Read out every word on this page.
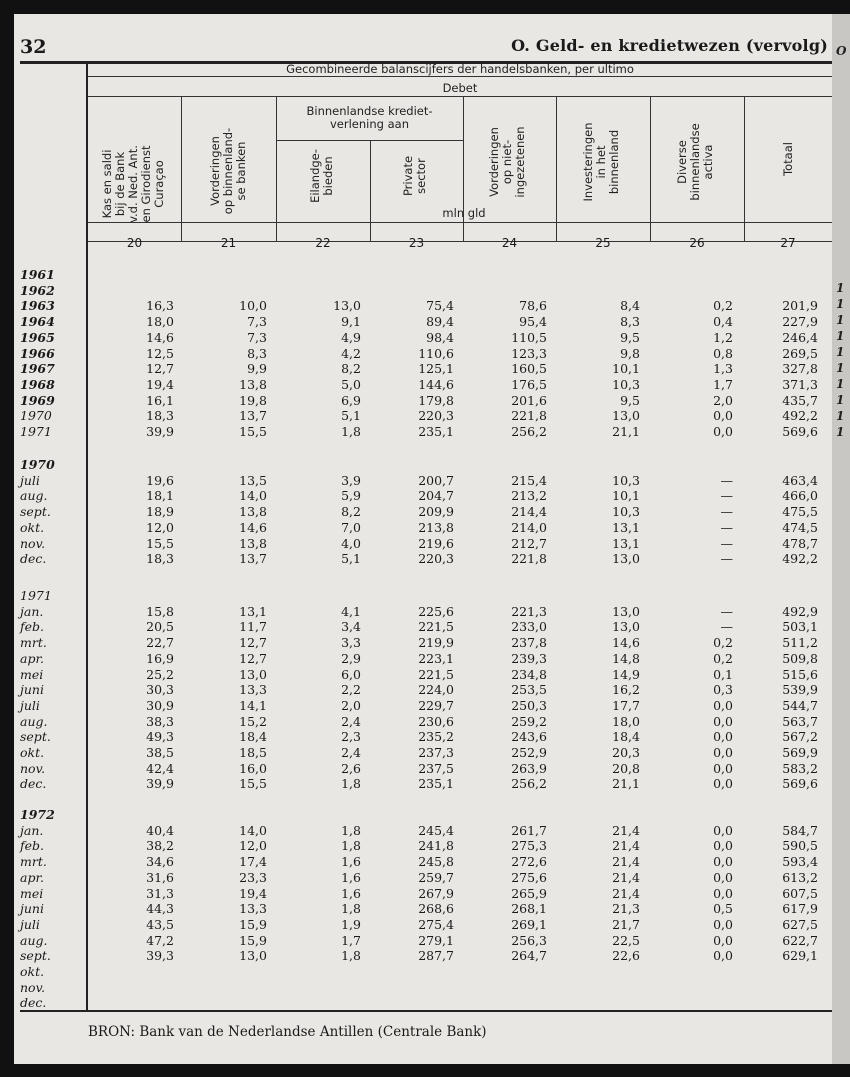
32	O. Geld- en kredietwezen (vervolg)
Gecombineerde balanscijfers der handelsbanken, per ultimo
Debet
Binnenlandse krediet-
verlening aan
mln gld
Kas en saldi
bij de Bank
v.d. Ned. Ant.
en Girodienst
Curaçao	Vorderingen
op binnenland-
se banken	Eilandge-
bieden	Private
sector	Vorderingen
op niet-
ingezetenen	Investeringen
in het
binnenland	Diverse
binnenlandse
activa	Totaal
20	21	22	23	24	25	26	27
1961
1962
1963	16,3	10,0	13,0	75,4	78,6	8,4	0,2	201,9
1964	18,0	7,3	9,1	89,4	95,4	8,3	0,4	227,9
1965	14,6	7,3	4,9	98,4	110,5	9,5	1,2	246,4
1966	12,5	8,3	4,2	110,6	123,3	9,8	0,8	269,5
1967	12,7	9,9	8,2	125,1	160,5	10,1	1,3	327,8
1968	19,4	13,8	5,0	144,6	176,5	10,3	1,7	371,3
1969	16,1	19,8	6,9	179,8	201,6	9,5	2,0	435,7
1970	18,3	13,7	5,1	220,3	221,8	13,0	0,0	492,2
1971	39,9	15,5	1,8	235,1	256,2	21,1	0,0	569,6
1970
juli	19,6	13,5	3,9	200,7	215,4	10,3	—	463,4
aug.	18,1	14,0	5,9	204,7	213,2	10,1	—	466,0
sept.	18,9	13,8	8,2	209,9	214,4	10,3	—	475,5
okt.	12,0	14,6	7,0	213,8	214,0	13,1	—	474,5
nov.	15,5	13,8	4,0	219,6	212,7	13,1	—	478,7
dec.	18,3	13,7	5,1	220,3	221,8	13,0	—	492,2
1971
jan.	15,8	13,1	4,1	225,6	221,3	13,0	—	492,9
feb.	20,5	11,7	3,4	221,5	233,0	13,0	—	503,1
mrt.	22,7	12,7	3,3	219,9	237,8	14,6	0,2	511,2
apr.	16,9	12,7	2,9	223,1	239,3	14,8	0,2	509,8
mei	25,2	13,0	6,0	221,5	234,8	14,9	0,1	515,6
juni	30,3	13,3	2,2	224,0	253,5	16,2	0,3	539,9
juli	30,9	14,1	2,0	229,7	250,3	17,7	0,0	544,7
aug.	38,3	15,2	2,4	230,6	259,2	18,0	0,0	563,7
sept.	49,3	18,4	2,3	235,2	243,6	18,4	0,0	567,2
okt.	38,5	18,5	2,4	237,3	252,9	20,3	0,0	569,9
nov.	42,4	16,0	2,6	237,5	263,9	20,8	0,0	583,2
dec.	39,9	15,5	1,8	235,1	256,2	21,1	0,0	569,6
1972
jan.	40,4	14,0	1,8	245,4	261,7	21,4	0,0	584,7
feb.	38,2	12,0	1,8	241,8	275,3	21,4	0,0	590,5
mrt.	34,6	17,4	1,6	245,8	272,6	21,4	0,0	593,4
apr.	31,6	23,3	1,6	259,7	275,6	21,4	0,0	613,2
mei	31,3	19,4	1,6	267,9	265,9	21,4	0,0	607,5
juni	44,3	13,3	1,8	268,6	268,1	21,3	0,5	617,9
juli	43,5	15,9	1,9	275,4	269,1	21,7	0,0	627,5
aug.	47,2	15,9	1,7	279,1	256,3	22,5	0,0	622,7
sept.	39,3	13,0	1,8	287,7	264,7	22,6	0,0	629,1
okt.
nov.
dec.
BRON: Bank van de Nederlandse Antillen (Centrale Bank)
O
1
1
1
1
1
1
1
1
1
1
